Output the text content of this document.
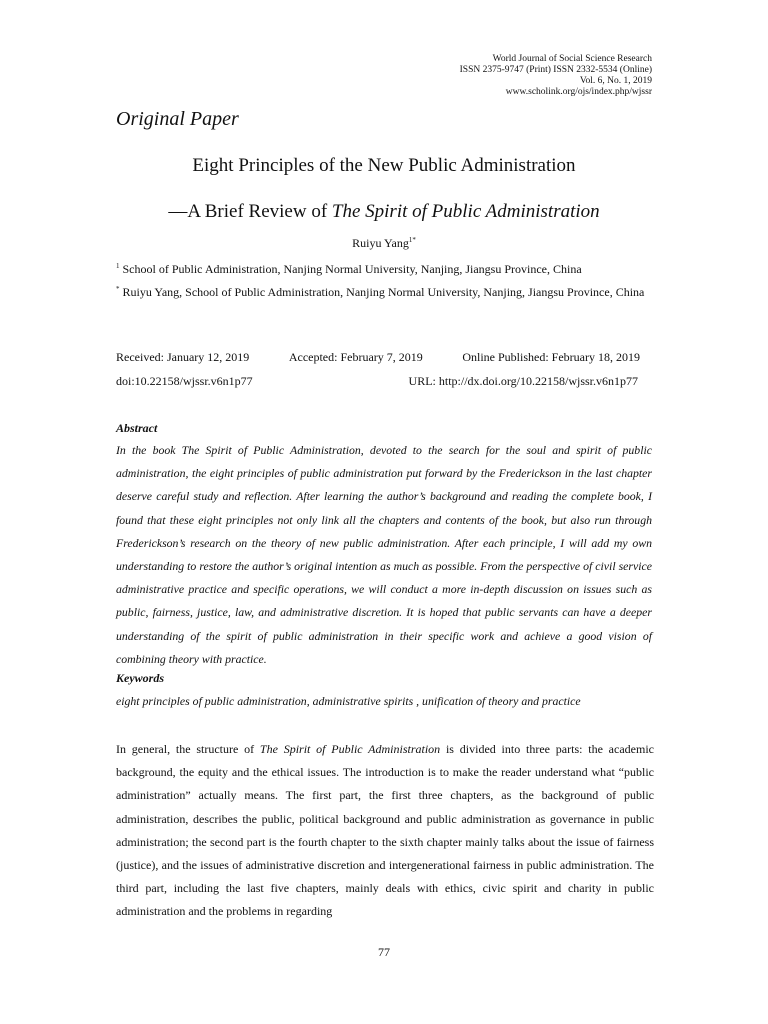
World Journal of Social Science Research
ISSN 2375-9747 (Print) ISSN 2332-5534 (Online)
Vol. 6, No. 1, 2019
www.scholink.org/ojs/index.php/wjssr
Original Paper
Eight Principles of the New Public Administration
—A Brief Review of The Spirit of Public Administration
Ruiyu Yang$^{1*}$
$^1$ School of Public Administration, Nanjing Normal University, Nanjing, Jiangsu Province, China
* Ruiyu Yang, School of Public Administration, Nanjing Normal University, Nanjing, Jiangsu Province, China
Received: January 12, 2019	Accepted: February 7, 2019	Online Published: February 18, 2019
doi:10.22158/wjssr.v6n1p77	URL: http://dx.doi.org/10.22158/wjssr.v6n1p77
Abstract

In the book The Spirit of Public Administration, devoted to the search for the soul and spirit of public administration, the eight principles of public administration put forward by the Frederickson in the last chapter deserve careful study and reflection. After learning the author’s background and reading the complete book, I found that these eight principles not only link all the chapters and contents of the book, but also run through Frederickson’s research on the theory of new public administration. After each principle, I will add my own understanding to restore the author’s original intention as much as possible. From the perspective of civil service administrative practice and specific operations, we will conduct a more in-depth discussion on issues such as public, fairness, justice, law, and administrative discretion. It is hoped that public servants can have a deeper understanding of the spirit of public administration in their specific work and achieve a good vision of combining theory with practice.

Keywords
eight principles of public administration, administrative spirits , unification of theory and practice

In general, the structure of The Spirit of Public Administration is divided into three parts: the academic background, the equity and the ethical issues. The introduction is to make the reader understand what “public administration” actually means. The first part, the first three chapters, as the background of public administration, describes the public, political background and public administration as governance in public administration; the second part is the fourth chapter to the sixth chapter mainly talks about the issue of fairness (justice), and the issues of administrative discretion and intergenerational fairness in public administration. The third part, including the last five chapters, mainly deals with ethics, civic spirit and charity in public administration and the problems in regarding

77
